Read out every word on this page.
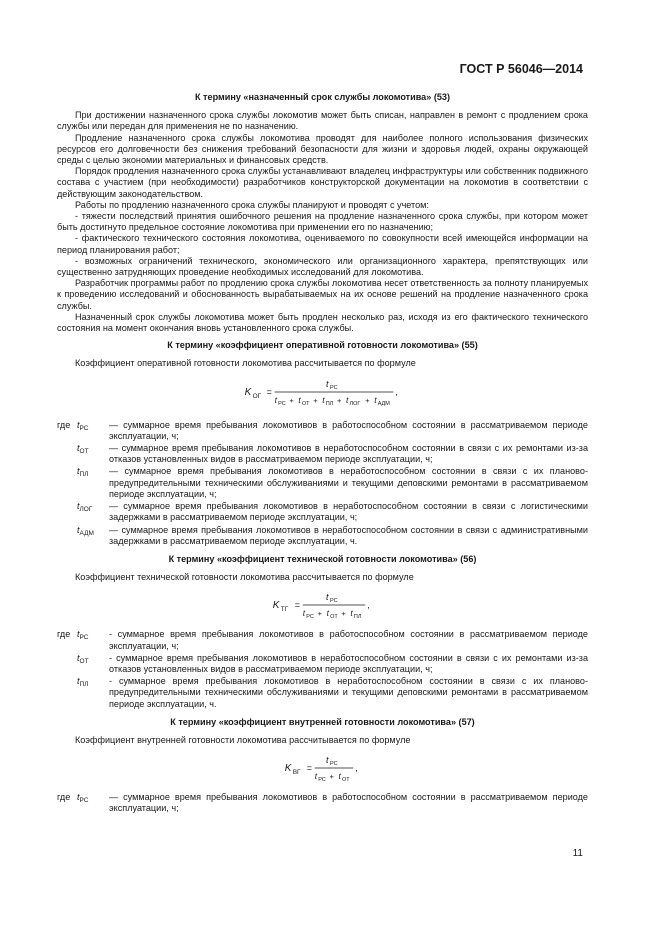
ГОСТ Р 56046—2014
К термину «назначенный срок службы локомотива» (53)

При достижении назначенного срока службы локомотив может быть списан, направлен в ремонт с продлением срока службы или передан для применения не по назначению.

Продление назначенного срока службы локомотива проводят для наиболее полного использования физических ресурсов его долговечности без снижения требований безопасности для жизни и здоровья людей, охраны окружающей среды с целью экономии материальных и финансовых средств.

Порядок продления назначенного срока службы устанавливают владелец инфраструктуры или собственник подвижного состава с участием (при необходимости) разработчиков конструкторской документации на локомотив в соответствии с действующим законодательством.

Работы по продлению назначенного срока службы планируют и проводят с учетом:

- тяжести последствий принятия ошибочного решения на продление назначенного срока службы, при котором может быть достигнуто предельное состояние локомотива при применении его по назначению;

- фактического технического состояния локомотива, оцениваемого по совокупности всей имеющейся информации на период планирования работ;

- возможных ограничений технического, экономического или организационного характера, препятствующих или существенно затрудняющих проведение необходимых исследований для локомотива.

Разработчик программы работ по продлению срока службы локомотива несет ответственность за полноту планируемых к проведению исследований и обоснованность вырабатываемых на их основе решений на продление назначенного срока службы.

Назначенный срок службы локомотива может быть продлен несколько раз, исходя из его фактического технического состояния на момент окончания вновь установленного срока службы.

К термину «коэффициент оперативной готовности локомотива» (55)

Коэффициент оперативной готовности локомотива рассчитывается по формуле

K ОГ =
t РС
t РС + t ОТ + t ПЛ + t ЛОГ + t АДМ
,
где $t_{РС}$	— суммарное время пребывания локомотивов в работоспособном состоянии в рассматриваемом периоде эксплуатации, ч;
$t_{ОТ}$	— суммарное время пребывания локомотивов в неработоспособном состоянии в связи с их ремонтами из-за отказов установленных видов в рассматриваемом периоде эксплуатации, ч;
$t_{ПЛ}$	— суммарное время пребывания локомотивов в неработоспособном состоянии в связи с их планово-предупредительными техническими обслуживаниями и текущими деповскими ремонтами в рассматриваемом периоде эксплуатации, ч;
$t_{ЛОГ}$	— суммарное время пребывания локомотивов в неработоспособном состоянии в связи с логистическими задержками в рассматриваемом периоде эксплуатации, ч;
$t_{АДМ}$	— суммарное время пребывания локомотивов в неработоспособном состоянии в связи с административными задержками в рассматриваемом периоде эксплуатации, ч.
К термину «коэффициент технической готовности локомотива» (56)

Коэффициент технической готовности локомотива рассчитывается по формуле

K ТГ =
t РС
t РС + t ОТ + t ПЛ
,
где $t_{РС}$	- суммарное время пребывания локомотивов в работоспособном состоянии в рассматриваемом периоде эксплуатации, ч;
$t_{ОТ}$	- суммарное время пребывания локомотивов в неработоспособном состоянии в связи с их ремонтами из-за отказов установленных видов в рассматриваемом периоде эксплуатации, ч;
$t_{ПЛ}$	- суммарное время пребывания локомотивов в неработоспособном состоянии в связи с их планово-предупредительными техническими обслуживаниями и текущими деповскими ремонтами в рассматриваемом периоде эксплуатации, ч.
К термину «коэффициент внутренней готовности локомотива» (57)

Коэффициент внутренней готовности локомотива рассчитывается по формуле

K ВГ =
t РС
t РС + t ОТ
,
где $t_{РС}$	— суммарное время пребывания локомотивов в работоспособном состоянии в рассматриваемом периоде эксплуатации, ч;
11
